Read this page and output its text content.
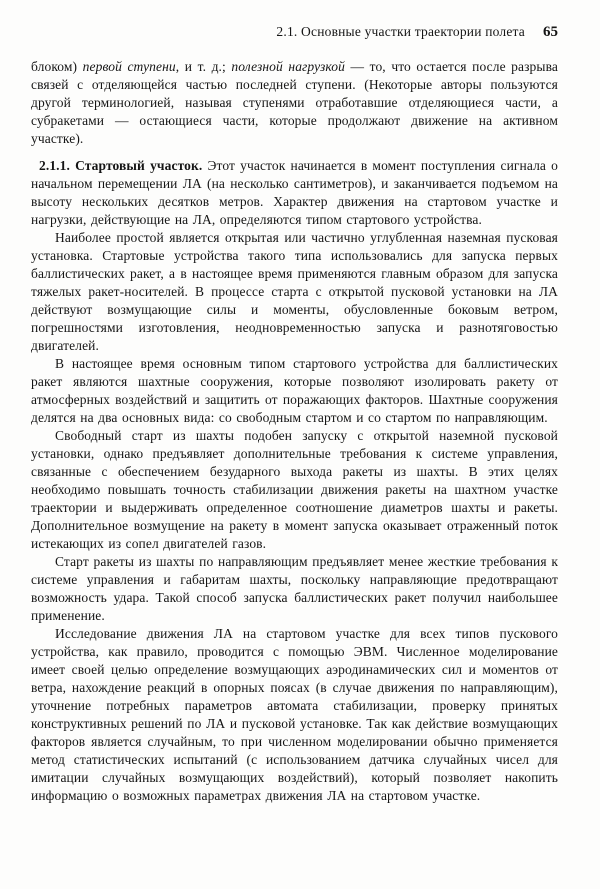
2.1. Основные участки траектории полета 65

блоком) первой ступени, и т. д.; полезной нагрузкой — то, что остается после разрыва связей с отделяющейся частью последней ступени. (Некоторые авторы пользуются другой терминологией, называя ступенями отработавшие отделяющиеся части, а субракетами — остающиеся части, которые продолжают движение на активном участке).

2.1.1. Стартовый участок. Этот участок начинается в момент поступления сигнала о начальном перемещении ЛА (на несколько сантиметров), и заканчивается подъемом на высоту нескольких десятков метров. Характер движения на стартовом участке и нагрузки, действующие на ЛА, определяются типом стартового устройства.

Наиболее простой является открытая или частично углубленная наземная пусковая установка. Стартовые устройства такого типа использовались для запуска первых баллистических ракет, а в настоящее время применяются главным образом для запуска тяжелых ракет-носителей. В процессе старта с открытой пусковой установки на ЛА действуют возмущающие силы и моменты, обусловленные боковым ветром, погрешностями изготовления, неодновременностью запуска и разнотяговостью двигателей.

В настоящее время основным типом стартового устройства для баллистических ракет являются шахтные сооружения, которые позволяют изолировать ракету от атмосферных воздействий и защитить от поражающих факторов. Шахтные сооружения делятся на два основных вида: со свободным стартом и со стартом по направляющим.

Свободный старт из шахты подобен запуску с открытой наземной пусковой установки, однако предъявляет дополнительные требования к системе управления, связанные с обеспечением безударного выхода ракеты из шахты. В этих целях необходимо повышать точность стабилизации движения ракеты на шахтном участке траектории и выдерживать определенное соотношение диаметров шахты и ракеты. Дополнительное возмущение на ракету в момент запуска оказывает отраженный поток истекающих из сопел двигателей газов.

Старт ракеты из шахты по направляющим предъявляет менее жесткие требования к системе управления и габаритам шахты, поскольку направляющие предотвращают возможность удара. Такой способ запуска баллистических ракет получил наибольшее применение.

Исследование движения ЛА на стартовом участке для всех типов пускового устройства, как правило, проводится с помощью ЭВМ. Численное моделирование имеет своей целью определение возмущающих аэродинамических сил и моментов от ветра, нахождение реакций в опорных поясах (в случае движения по направляющим), уточнение потребных параметров автомата стабилизации, проверку принятых конструктивных решений по ЛА и пусковой установке. Так как действие возмущающих факторов является случайным, то при численном моделировании обычно применяется метод статистических испытаний (с использованием датчика случайных чисел для имитации случайных возмущающих воздействий), который позволяет накопить информацию о возможных параметрах движения ЛА на стартовом участке.
